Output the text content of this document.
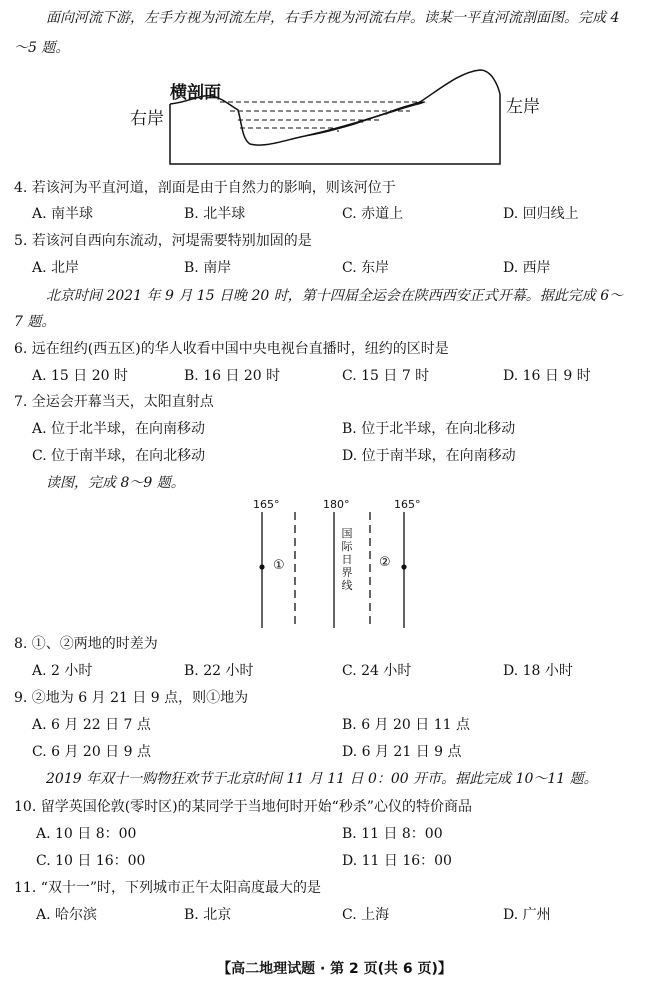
面向河流下游，左手方视为河流左岸，右手方视为河流右岸。读某一平直河流剖面图。完成 4
～5 题。
横剖面
右岸
左岸
4. 若该河为平直河道，剖面是由于自然力的影响，则该河位于
A. 南半球	B. 北半球	C. 赤道上	D. 回归线上
5. 若该河自西向东流动，河堤需要特别加固的是
A. 北岸	B. 南岸	C. 东岸	D. 西岸
北京时间 2021 年 9 月 15 日晚 20 时，第十四届全运会在陕西西安正式开幕。据此完成 6～
7 题。
6. 远在纽约(西五区)的华人收看中国中央电视台直播时，纽约的区时是
A. 15 日 20 时	B. 16 日 20 时	C. 15 日 7 时	D. 16 日 9 时
7. 全运会开幕当天，太阳直射点
A. 位于北半球，在向南移动	B. 位于北半球，在向北移动
C. 位于南半球，在向北移动	D. 位于南半球，在向南移动
读图，完成 8～9 题。
165°	180°	165°
①	②
国
际
日
界
线
8. ①、②两地的时差为
A. 2 小时	B. 22 小时	C. 24 小时	D. 18 小时
9. ②地为 6 月 21 日 9 点，则①地为
A. 6 月 22 日 7 点	B. 6 月 20 日 11 点
C. 6 月 20 日 9 点	D. 6 月 21 日 9 点
2019 年双十一购物狂欢节于北京时间 11 月 11 日 0：00 开市。据此完成 10～11 题。
10. 留学英国伦敦(零时区)的某同学于当地何时开始“秒杀”心仪的特价商品
A. 10 日 8：00	B. 11 日 8：00
C. 10 日 16：00	D. 11 日 16：00
11. “双十一”时，下列城市正午太阳高度最大的是
A. 哈尔滨	B. 北京	C. 上海	D. 广州
【高二地理试题 · 第 2 页(共 6 页)】
